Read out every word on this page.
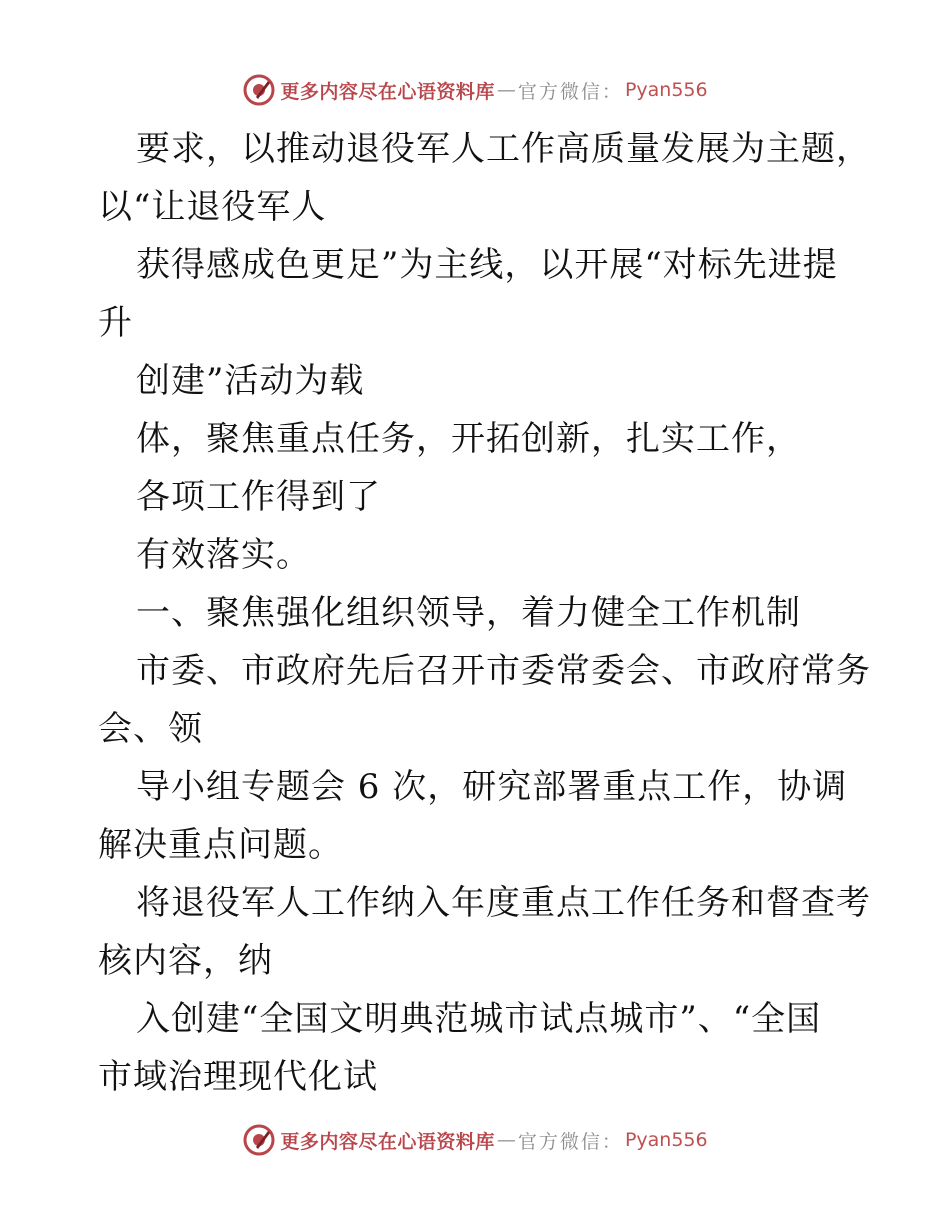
更多内容尽在心语资料库 — 官方微信： Pyan556
要求，以推动退役军人工作高质量发展为主题，
以“让退役军人
获得感成色更足”为主线，以开展“对标先进提
升
创建”活动为载
体，聚焦重点任务，开拓创新，扎实工作，
各项工作得到了
有效落实。
一、聚焦强化组织领导，着力健全工作机制
市委、市政府先后召开市委常委会、市政府常务
会、领
导小组专题会 6 次，研究部署重点工作，协调
解决重点问题。
将退役军人工作纳入年度重点工作任务和督查考
核内容，纳
入创建“全国文明典范城市试点城市”、“全国
市域治理现代化试
更多内容尽在心语资料库 — 官方微信： Pyan556
